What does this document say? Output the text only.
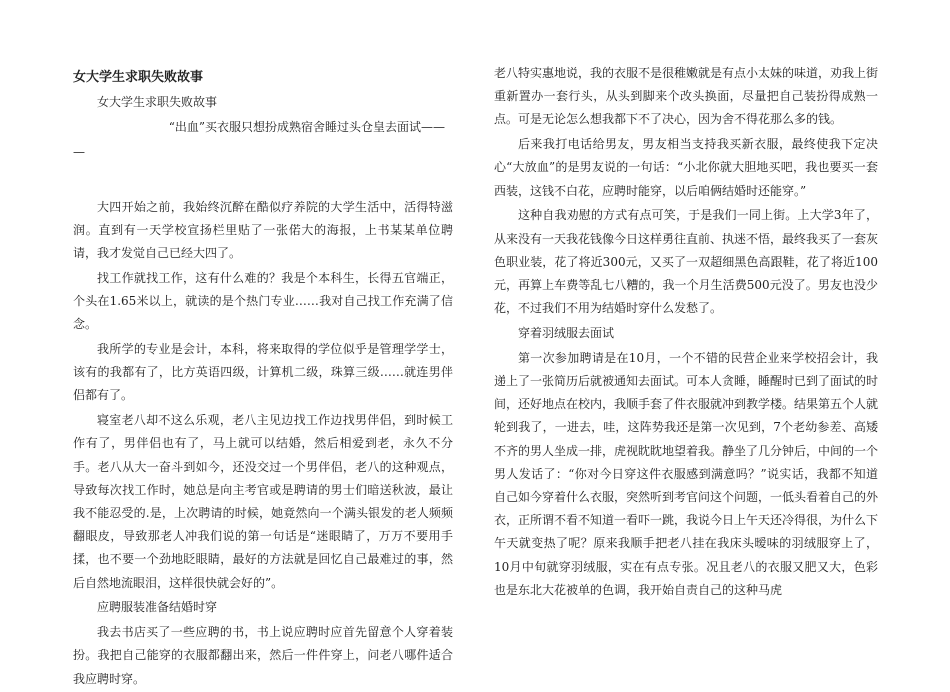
女大学生求职失败故事

女大学生求职失败故事

“出血”买衣服只想扮成熟宿舍睡过头仓皇去面试——

—

大四开始之前，我始终沉醉在酷似疗养院的大学生活中，活得特滋润。直到有一天学校宣扬栏里贴了一张偌大的海报，上书某某单位聘请，我才发觉自己已经大四了。

找工作就找工作，这有什么难的？我是个本科生，长得五官端正，个头在1.65米以上，就读的是个热门专业……我对自己找工作充满了信念。

我所学的专业是会计，本科，将来取得的学位似乎是管理学学士，该有的我都有了，比方英语四级，计算机二级，珠算三级……就连男伴侣都有了。

寝室老八却不这么乐观，老八主见边找工作边找男伴侣，到时候工作有了，男伴侣也有了，马上就可以结婚，然后相爱到老，永久不分手。老八从大一奋斗到如今，还没交过一个男伴侣，老八的这种观点，导致每次找工作时，她总是向主考官或是聘请的男士们暗送秋波，最让我不能忍受的.是，上次聘请的时候，她竟然向一个满头银发的老人频频翻眼皮，导致那老人冲我们说的第一句话是“迷眼睛了，万万不要用手揉，也不要一个劲地眨眼睛，最好的方法就是回忆自己最难过的事，然后自然地流眼泪，这样很快就会好的”。

应聘服装准备结婚时穿

我去书店买了一些应聘的书，书上说应聘时应首先留意个人穿着装扮。我把自己能穿的衣服都翻出来，然后一件件穿上，问老八哪件适合我应聘时穿。

老八特实惠地说，我的衣服不是很稚嫩就是有点小太妹的味道，劝我上街重新置办一套行头，从头到脚来个改头换面，尽量把自己装扮得成熟一点。可是无论怎么想我都下不了决心，因为舍不得花那么多的钱。

后来我打电话给男友，男友相当支持我买新衣服，最终使我下定决心“大放血”的是男友说的一句话：“小北你就大胆地买吧，我也要买一套西装，这钱不白花，应聘时能穿，以后咱俩结婚时还能穿。”

这种自我劝慰的方式有点可笑，于是我们一同上街。上大学3年了，从来没有一天我花钱像今日这样勇往直前、执迷不悟，最终我买了一套灰色职业装，花了将近300元，又买了一双超细黑色高跟鞋，花了将近100元，再算上车费等乱七八糟的，我一个月生活费500元没了。男友也没少花，不过我们不用为结婚时穿什么发愁了。

穿着羽绒服去面试

第一次参加聘请是在10月，一个不错的民营企业来学校招会计，我递上了一张简历后就被通知去面试。可本人贪睡，睡醒时已到了面试的时间，还好地点在校内，我顺手套了件衣服就冲到教学楼。结果第五个人就轮到我了，一进去，哇，这阵势我还是第一次见到，7个老幼参差、高矮不齐的男人坐成一排，虎视眈眈地望着我。静坐了几分钟后，中间的一个男人发话了：“你对今日穿这件衣服感到满意吗？”说实话，我都不知道自己如今穿着什么衣服，突然听到考官问这个问题，一低头看着自己的外衣，正所谓不看不知道一看吓一跳，我说今日上午天还冷得很，为什么下午天就变热了呢？原来我顺手把老八挂在我床头暧味的羽绒服穿上了，10月中旬就穿羽绒服，实在有点专张。况且老八的衣服又肥又大，色彩也是东北大花被单的色调，我开始自责自己的这种马虎
